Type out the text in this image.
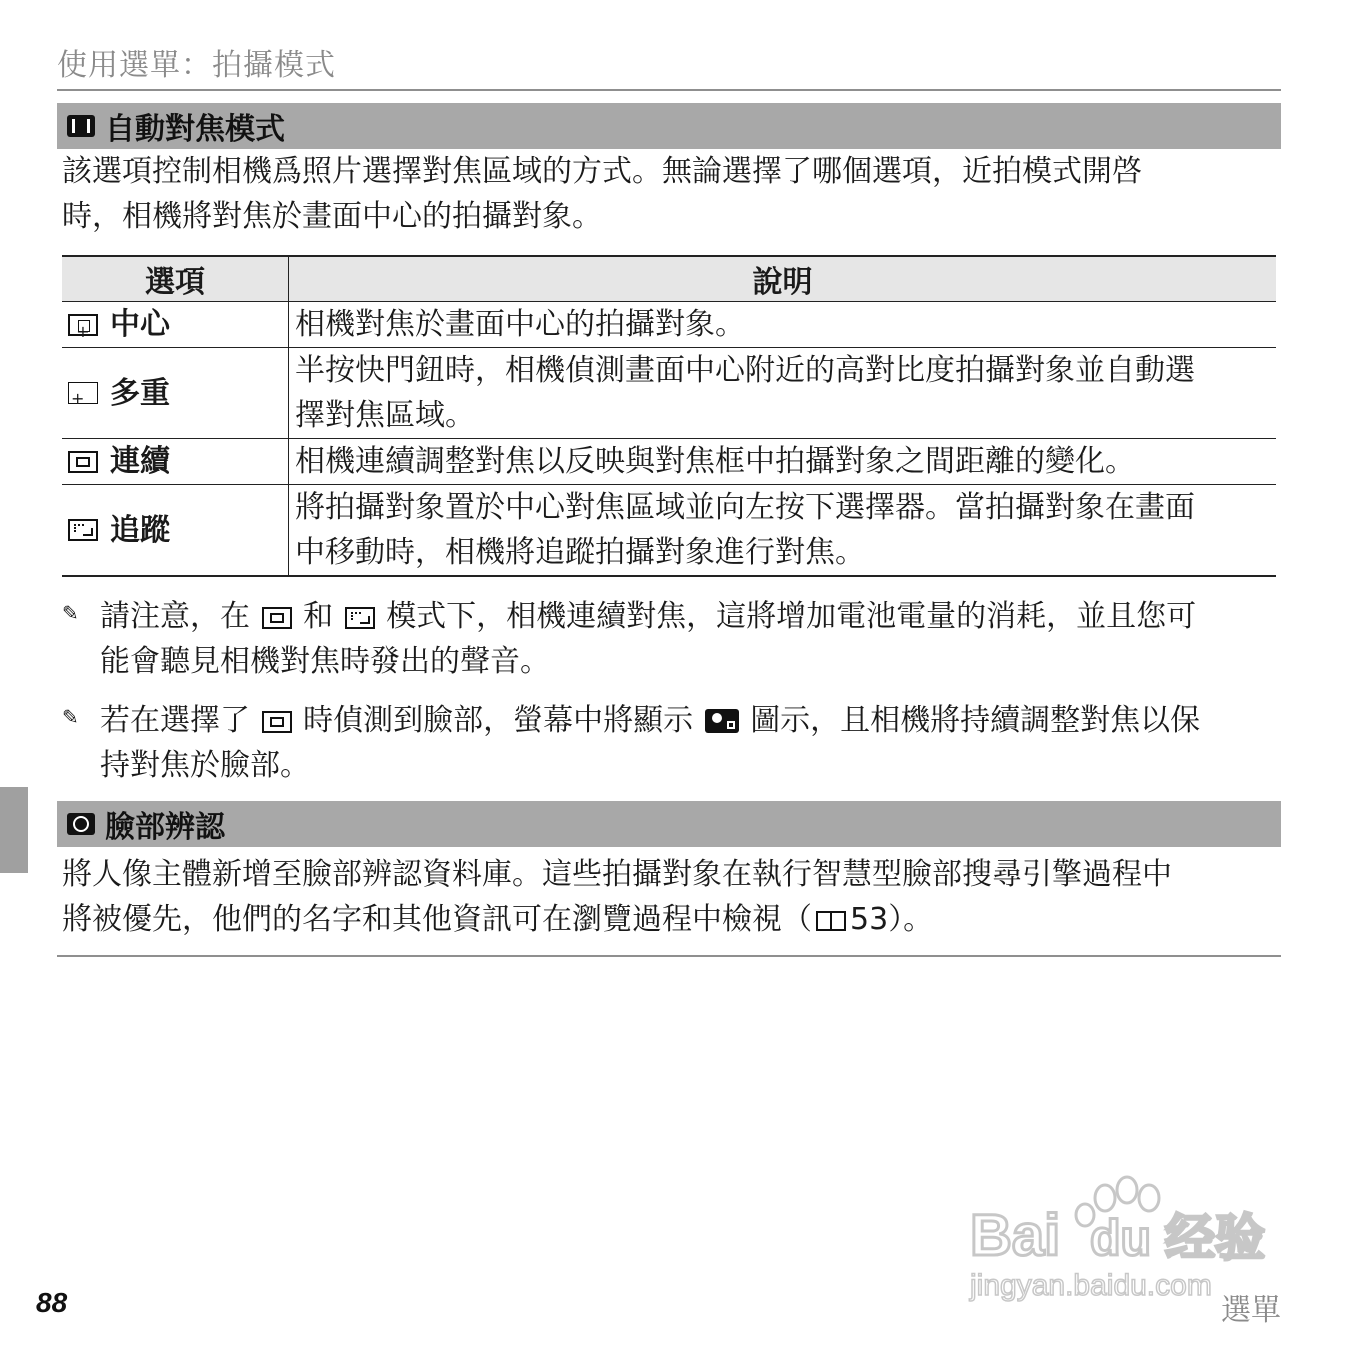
使用選單：拍攝模式
自動對焦模式
該選項控制相機爲照片選擇對焦區域的方式。無論選擇了哪個選項，近拍模式開啓
時，相機將對焦於畫面中心的拍攝對象。
選項	說明

+
中心	相機對焦於畫面中心的拍攝對象。

+
多重	半按快門鈕時，相機偵測畫面中心附近的高對比度拍攝對象並自動選
擇對焦區域。

連續	相機連續調整對焦以反映與對焦框中拍攝對象之間距離的變化。

追蹤	將拍攝對象置於中心對焦區域並向左按下選擇器。當拍攝對象在畫面
中移動時，相機將追蹤拍攝對象進行對焦。
✎ 請注意，在 和 模式下，相機連續對焦，這將增加電池電量的消耗，並且您可
能會聽見相機對焦時發出的聲音。
✎ 若在選擇了 時偵測到臉部，螢幕中將顯示 圖示，且相機將持續調整對焦以保
持對焦於臉部。
臉部辨認
將人像主體新增至臉部辨認資料庫。這些拍攝對象在執行智慧型臉部搜尋引擎過程中
將被優先，他們的名字和其他資訊可在瀏覽過程中檢視（ 53）。
88	選單
Bai du 经验
jingyan.baidu.com
